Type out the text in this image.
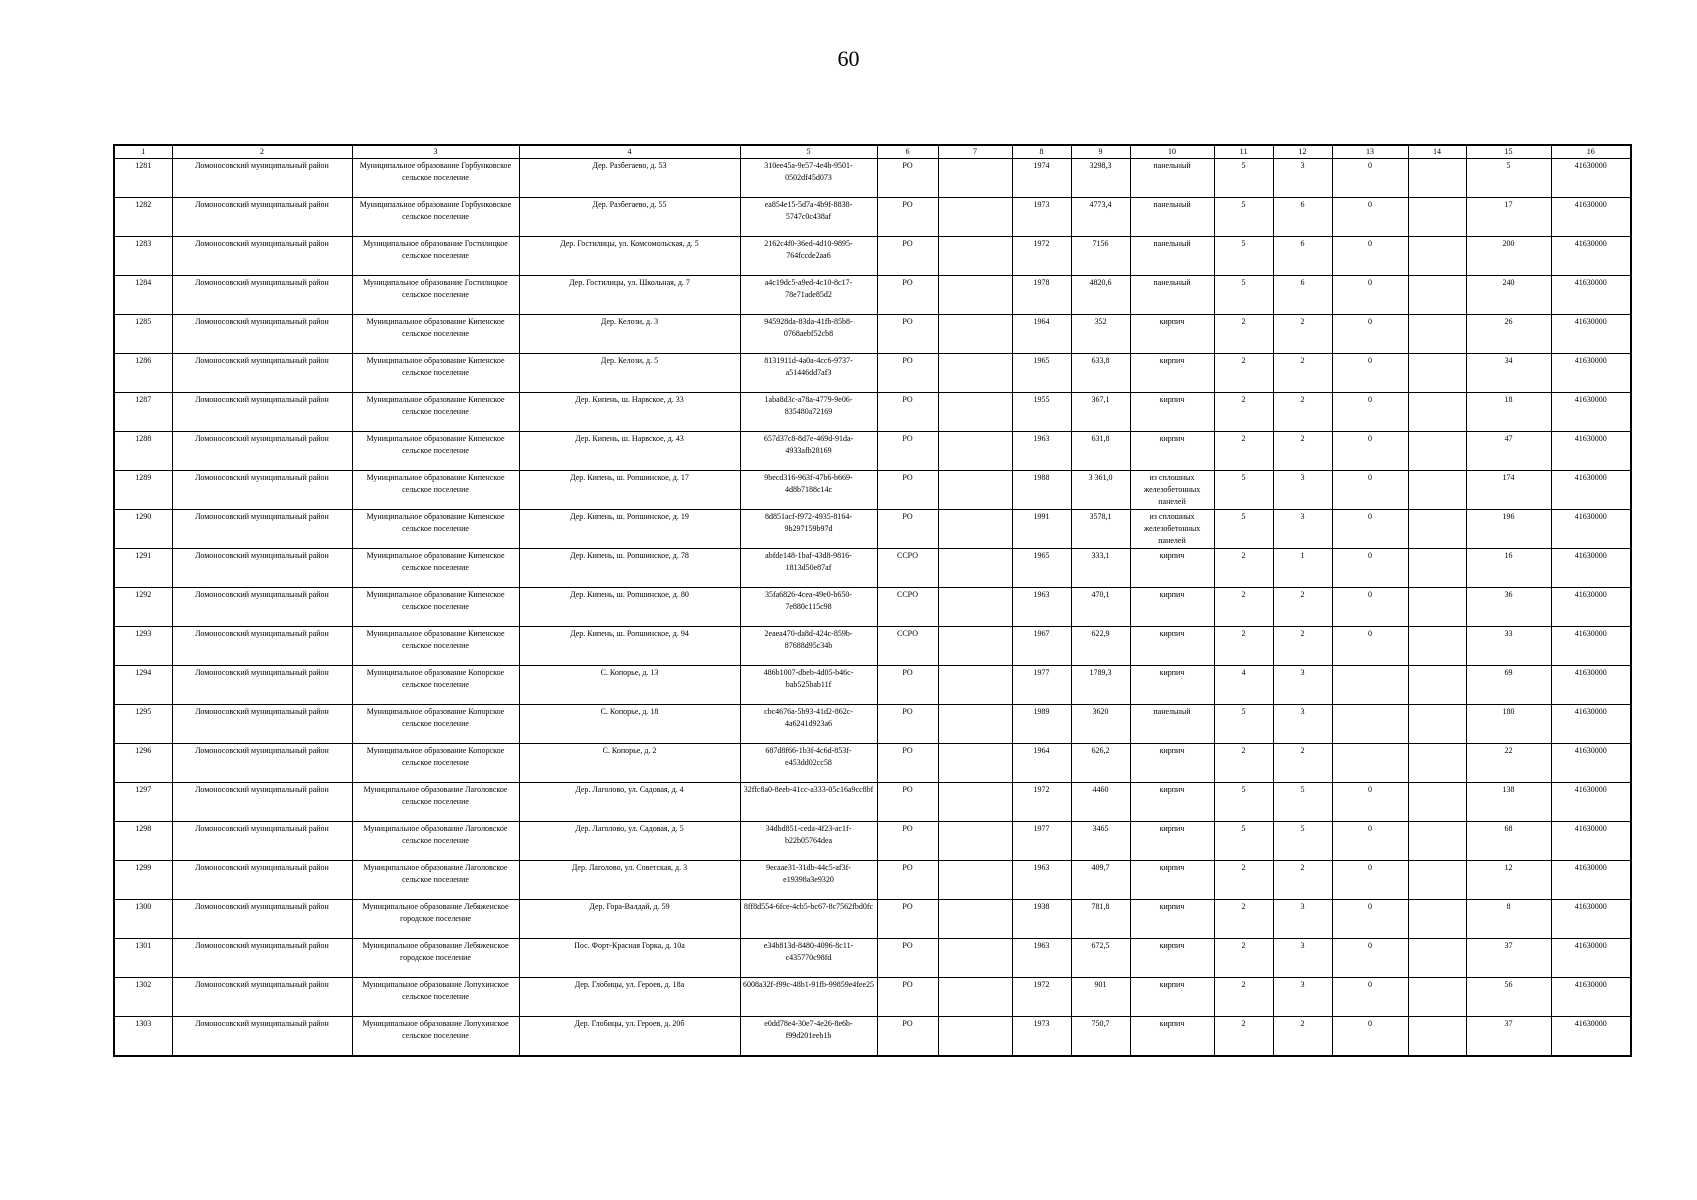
60
1	2	3	4	5	6	7	8	9	10	11	12	13	14	15	16
1281	Ломоносовский муниципальный район	Муниципальное образование Горбунковское сельское поселение	Дер. Разбегаево, д. 53	310ee45a-9e57-4e4b-9501-0502df45d073	РО		1974	3298,3	панельный	5	3	0		5	41630000
1282	Ломоносовский муниципальный район	Муниципальное образование Горбунковское сельское поселение	Дер. Разбегаево, д. 55	ea854e15-5d7a-4b9f-8838-5747c0c438af	РО		1973	4773,4	панельный	5	6	0		17	41630000
1283	Ломоносовский муниципальный район	Муниципальное образование Гостилицкое сельское поселение	Дер. Гостилицы, ул. Комсомольская, д. 5	2162c4f0-36ed-4d10-9895-764fccde2aa6	РО		1972	7156	панельный	5	6	0		200	41630000
1284	Ломоносовский муниципальный район	Муниципальное образование Гостилицкое сельское поселение	Дер. Гостилицы, ул. Школьная, д. 7	a4c19dc5-a9ed-4c10-8c17-78e71ade85d2	РО		1978	4820,6	панельный	5	6	0		240	41630000
1285	Ломоносовский муниципальный район	Муниципальное образование Кипенское сельское поселение	Дер. Келози, д. 3	945928da-83da-41fb-85b8-0768aebf52cb8	РО		1964	352	кирпич	2	2	0		26	41630000
1286	Ломоносовский муниципальный район	Муниципальное образование Кипенское сельское поселение	Дер. Келози, д. 5	8131911d-4a0a-4cc6-9737-a51446dd7af3	РО		1965	633,8	кирпич	2	2	0		34	41630000
1287	Ломоносовский муниципальный район	Муниципальное образование Кипенское сельское поселение	Дер. Кипень, ш. Нарвское, д. 33	1aba8d3c-a78a-4779-9e06-835480a72169	РО		1955	367,1	кирпич	2	2	0		18	41630000
1288	Ломоносовский муниципальный район	Муниципальное образование Кипенское сельское поселение	Дер. Кипень, ш. Нарвское, д. 43	657d37c8-8d7e-469d-91da-4933afb28169	РО		1963	631,8	кирпич	2	2	0		47	41630000
1289	Ломоносовский муниципальный район	Муниципальное образование Кипенское сельское поселение	Дер. Кипень, ш. Ропшинское, д. 17	9becd316-963f-47b6-b669-4d8b7188c14c	РО		1988	3 361,0	из сплошных железобетонных панелей	5	3	0		174	41630000
1290	Ломоносовский муниципальный район	Муниципальное образование Кипенское сельское поселение	Дер. Кипень, ш. Ропшинское, д. 19	8d851acf-f972-4935-8164-9b297159b97d	РО		1991	3578,1	из сплошных железобетонных панелей	5	3	0		196	41630000
1291	Ломоносовский муниципальный район	Муниципальное образование Кипенское сельское поселение	Дер. Кипень, ш. Ропшинское, д. 78	abfde148-1baf-43d8-9816-1813d50e87af	ССРО		1965	333,1	кирпич	2	1	0		16	41630000
1292	Ломоносовский муниципальный район	Муниципальное образование Кипенское сельское поселение	Дер. Кипень, ш. Ропшинское, д. 80	35fa6826-4cea-49e0-b650-7e880c115c98	ССРО		1963	470,1	кирпич	2	2	0		36	41630000
1293	Ломоносовский муниципальный район	Муниципальное образование Кипенское сельское поселение	Дер. Кипень, ш. Ропшинское, д. 94	2eaea470-da8d-424c-859b-87688d95c34b	ССРО		1967	622,9	кирпич	2	2	0		33	41630000
1294	Ломоносовский муниципальный район	Муниципальное образование Копорское сельское поселение	С. Копорье, д. 13	486b1007-dbeb-4d05-b46c-bab525bab11f	РО		1977	1789,3	кирпич	4	3			69	41630000
1295	Ломоносовский муниципальный район	Муниципальное образование Копорское сельское поселение	С. Копорье, д. 18	cbc4676a-5b93-41d2-862c-4a6241d923a6	РО		1989	3620	панельный	5	3			180	41630000
1296	Ломоносовский муниципальный район	Муниципальное образование Копорское сельское поселение	С. Копорье, д. 2	687d8f66-1b3f-4c6d-853f-e453dd02cc58	РО		1964	626,2	кирпич	2	2			22	41630000
1297	Ломоносовский муниципальный район	Муниципальное образование Лаголовское сельское поселение	Дер. Лаголово, ул. Садовая, д. 4	32ffc8a0-8eeb-41cc-a333-05c16a9cc8bf	РО		1972	4460	кирпич	5	5	0		138	41630000
1298	Ломоносовский муниципальный район	Муниципальное образование Лаголовское сельское поселение	Дер. Лаголово, ул. Садовая, д. 5	34dbd851-ceda-4f23-ac1f-b22b05764dea	РО		1977	3465	кирпич	5	5	0		68	41630000
1299	Ломоносовский муниципальный район	Муниципальное образование Лаголовское сельское поселение	Дер. Лаголово, ул. Советская, д. 3	9ecaae31-31db-44c5-af3f-e19398a3e9320	РО		1963	409,7	кирпич	2	2	0		12	41630000
1300	Ломоносовский муниципальный район	Муниципальное образование Лебяженское городское поселение	Дер. Гора-Валдай, д. 59	8ff8d554-6fce-4cb5-bc67-8c7562fbd0fc	РО		1938	781,8	кирпич	2	3	0		8	41630000
1301	Ломоносовский муниципальный район	Муниципальное образование Лебяженское городское поселение	Пос. Форт-Красная Горка, д. 10а	e34b813d-8480-4096-8c11-c435770c98fd	РО		1963	672,5	кирпич	2	3	0		37	41630000
1302	Ломоносовский муниципальный район	Муниципальное образование Лопухинское сельское поселение	Дер. Глобицы, ул. Героев, д. 18а	6008a32f-f99c-48b1-91fb-99859e4fee25	РО		1972	901	кирпич	2	3	0		56	41630000
1303	Ломоносовский муниципальный район	Муниципальное образование Лопухинское сельское поселение	Дер. Глобицы, ул. Героев, д. 20б	e0dd78e4-30e7-4e26-8e6b-f99d201eeb1b	РО		1973	750,7	кирпич	2	2	0		37	41630000
